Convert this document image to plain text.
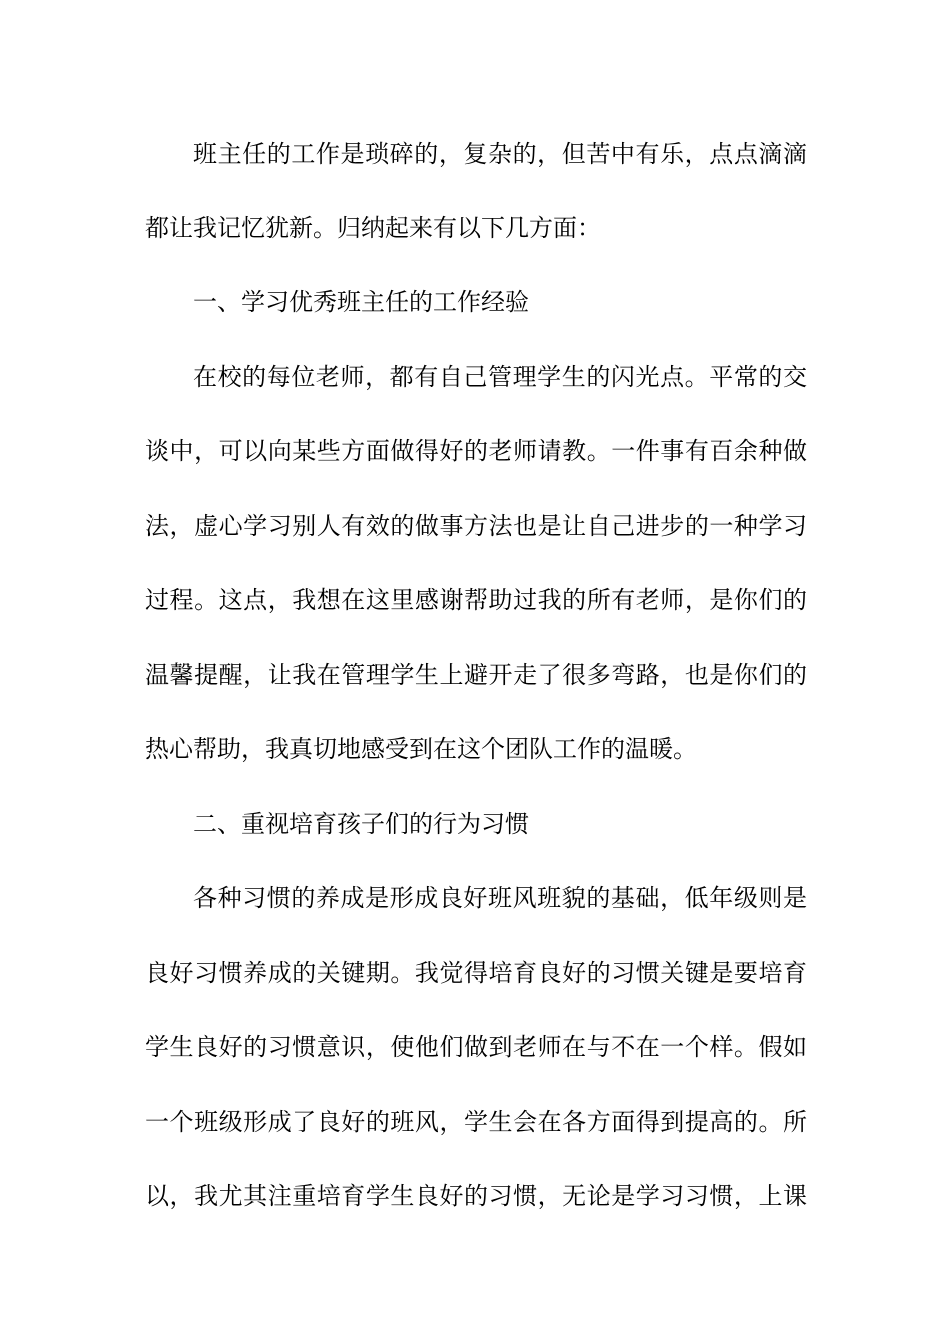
班主任的工作是琐碎的，复杂的，但苦中有乐，点点滴滴
都让我记忆犹新。归纳起来有以下几方面：
一、学习优秀班主任的工作经验
在校的每位老师，都有自己管理学生的闪光点。平常的交
谈中，可以向某些方面做得好的老师请教。一件事有百余种做
法，虚心学习别人有效的做事方法也是让自己进步的一种学习
过程。这点，我想在这里感谢帮助过我的所有老师，是你们的
温馨提醒，让我在管理学生上避开走了很多弯路，也是你们的
热心帮助，我真切地感受到在这个团队工作的温暖。
二、重视培育孩子们的行为习惯
各种习惯的养成是形成良好班风班貌的基础，低年级则是
良好习惯养成的关键期。我觉得培育良好的习惯关键是要培育
学生良好的习惯意识，使他们做到老师在与不在一个样。假如
一个班级形成了良好的班风，学生会在各方面得到提高的。所
以，我尤其注重培育学生良好的习惯，无论是学习习惯，上课
